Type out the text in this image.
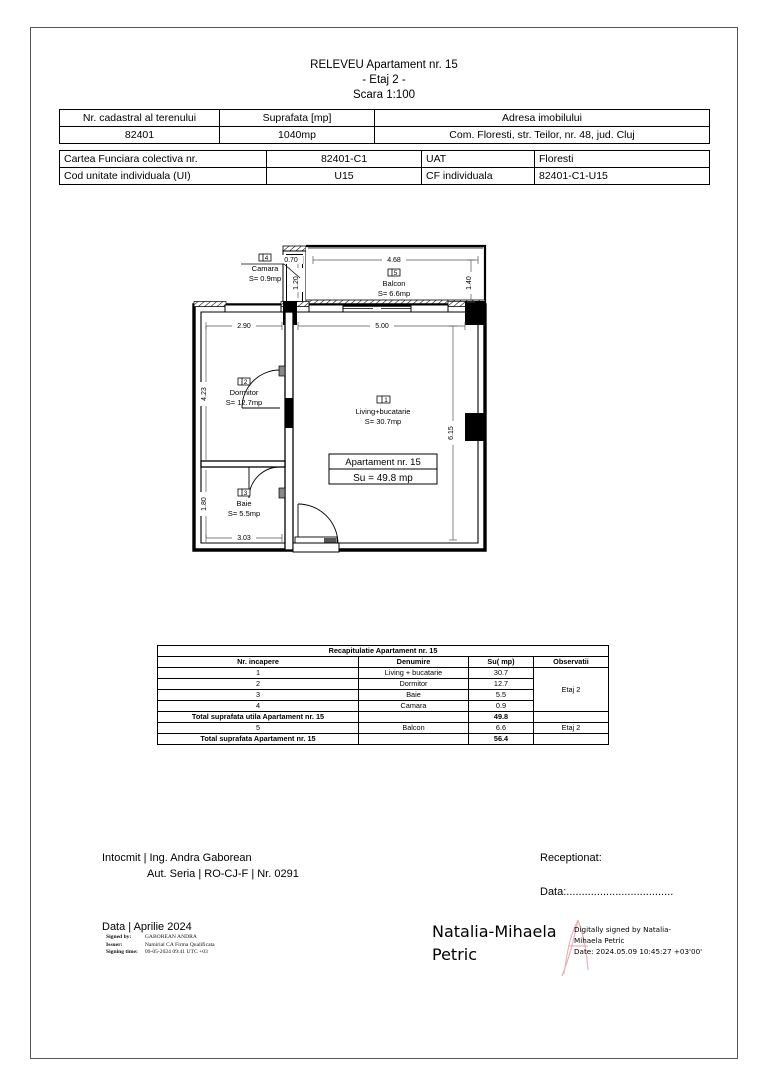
RELEVEU Apartament nr. 15
- Etaj 2 -
Scara 1:100
Nr. cadastral al terenului	Suprafata [mp]	Adresa imobilului
82401	1040mp	Com. Floresti, str. Teilor, nr. 48, jud. Cluj
Cartea Funciara colectiva nr.	82401-C1	UAT	Floresti
Cod unitate individuala (UI)	U15	CF individuala	82401-C1-U15
0.70
1.20
4.68
1.40
2.90
4.23
5.00
6.15
1.80
3.03
4
Camara
S= 0.9mp
5
Balcon
S= 6.6mp
2
Dormitor
S= 12.7mp	1
Living+bucatarie
S= 30.7mp
3
Baie
S= 5.5mp
Apartament nr. 15
Su = 49.8 mp
Recapitulatie Apartament nr. 15			
Nr. incapere	Denumire	Su( mp)	Observatii
1	Living + bucatarie	30.7	Etaj 2
2	Dormitor	12.7	
3	Baie	5.5	
4	Camara	0.9	
Total suprafata utila Apartament nr. 15		49.8	
5	Balcon	6.6	Etaj 2
Total suprafata Apartament nr. 15		56.4	
Intocmit | Ing. Andra Gaborean
Aut. Seria | RO-CJ-F | Nr. 0291
Data | Aprilie 2024
Receptionat:
Data:...................................
Signed by:	GABOREAN ANDRA
Issuer:	Namirial CA Firma Qualificata
Signing time:	09-05-2024 09:41 UTC +03
Natalia-Mihaela
Petric
Digitally signed by Natalia-
Mihaela Petric
Date: 2024.05.09 10:45:27 +03'00'
